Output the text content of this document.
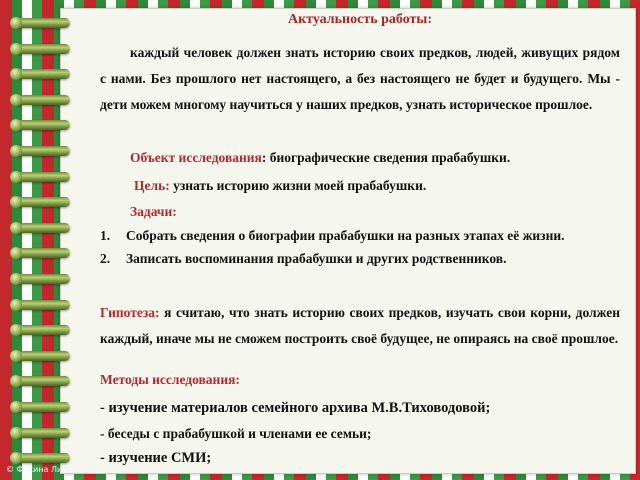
Актуальность работы:
каждый человек должен знать историю своих предков, людей, живущих рядом с нами. Без прошлого нет настоящего, а без настоящего не будет и будущего. Мы - дети можем многому научиться у наших предков, узнать историческое прошлое.
Объект исследования: биографические сведения прабабушки.
Цель: узнать историю жизни моей прабабушки.
Задачи:
1. Собрать сведения о биографии прабабушки на разных этапах её жизни.
2. Записать воспоминания прабабушки и других родственников.
Гипотеза: я считаю, что знать историю своих предков, изучать свои корни, должен каждый, иначе мы не сможем построить своё будущее, не опираясь на своё прошлое.
Методы исследования:
- изучение материалов семейного архива М.В.Тиховодовой;
- беседы с прабабушкой и членами ее семьи;
- изучение СМИ;
© Фокина Лидия Петровна
